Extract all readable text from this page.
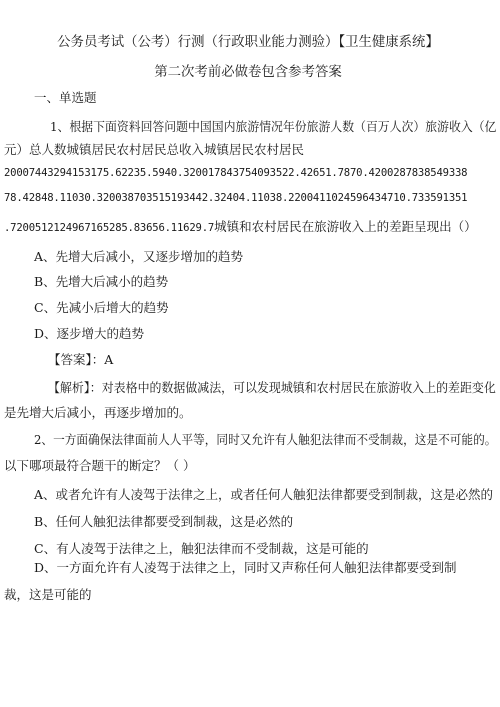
公务员考试（公考）行测（行政职业能力测验）【卫生健康系统】
第二次考前必做卷包含参考答案
一、单选题
1、根据下面资料回答问题中国国内旅游情况年份旅游人数（百万人次）旅游收入（亿
元）总人数城镇居民农村居民总收入城镇居民农村居民
20007443294153175.62235.5940.320017843754093522.42651.7870.4200287838549338
78.42848.11030.320038703515193442.32404.11038.2200411024596434710.733591351
.7200512124967165285.83656.11629.7城镇和农村居民在旅游收入上的差距呈现出（）
A、先增大后减小，又逐步增加的趋势
B、先增大后减小的趋势
C、先减小后增大的趋势
D、逐步增大的趋势
【答案】：A
【解析】：对表格中的数据做减法，可以发现城镇和农村居民在旅游收入上的差距变化
是先增大后减小，再逐步增加的。
2、一方面确保法律面前人人平等，同时又允许有人触犯法律而不受制裁，这是不可能的。
以下哪项最符合题干的断定？（ ）
A、或者允许有人凌驾于法律之上，或者任何人触犯法律都要受到制裁，这是必然的
B、任何人触犯法律都要受到制裁，这是必然的
C、有人凌驾于法律之上，触犯法律而不受制裁，这是可能的
D、一方面允许有人凌驾于法律之上，同时又声称任何人触犯法律都要受到制
裁，这是可能的
